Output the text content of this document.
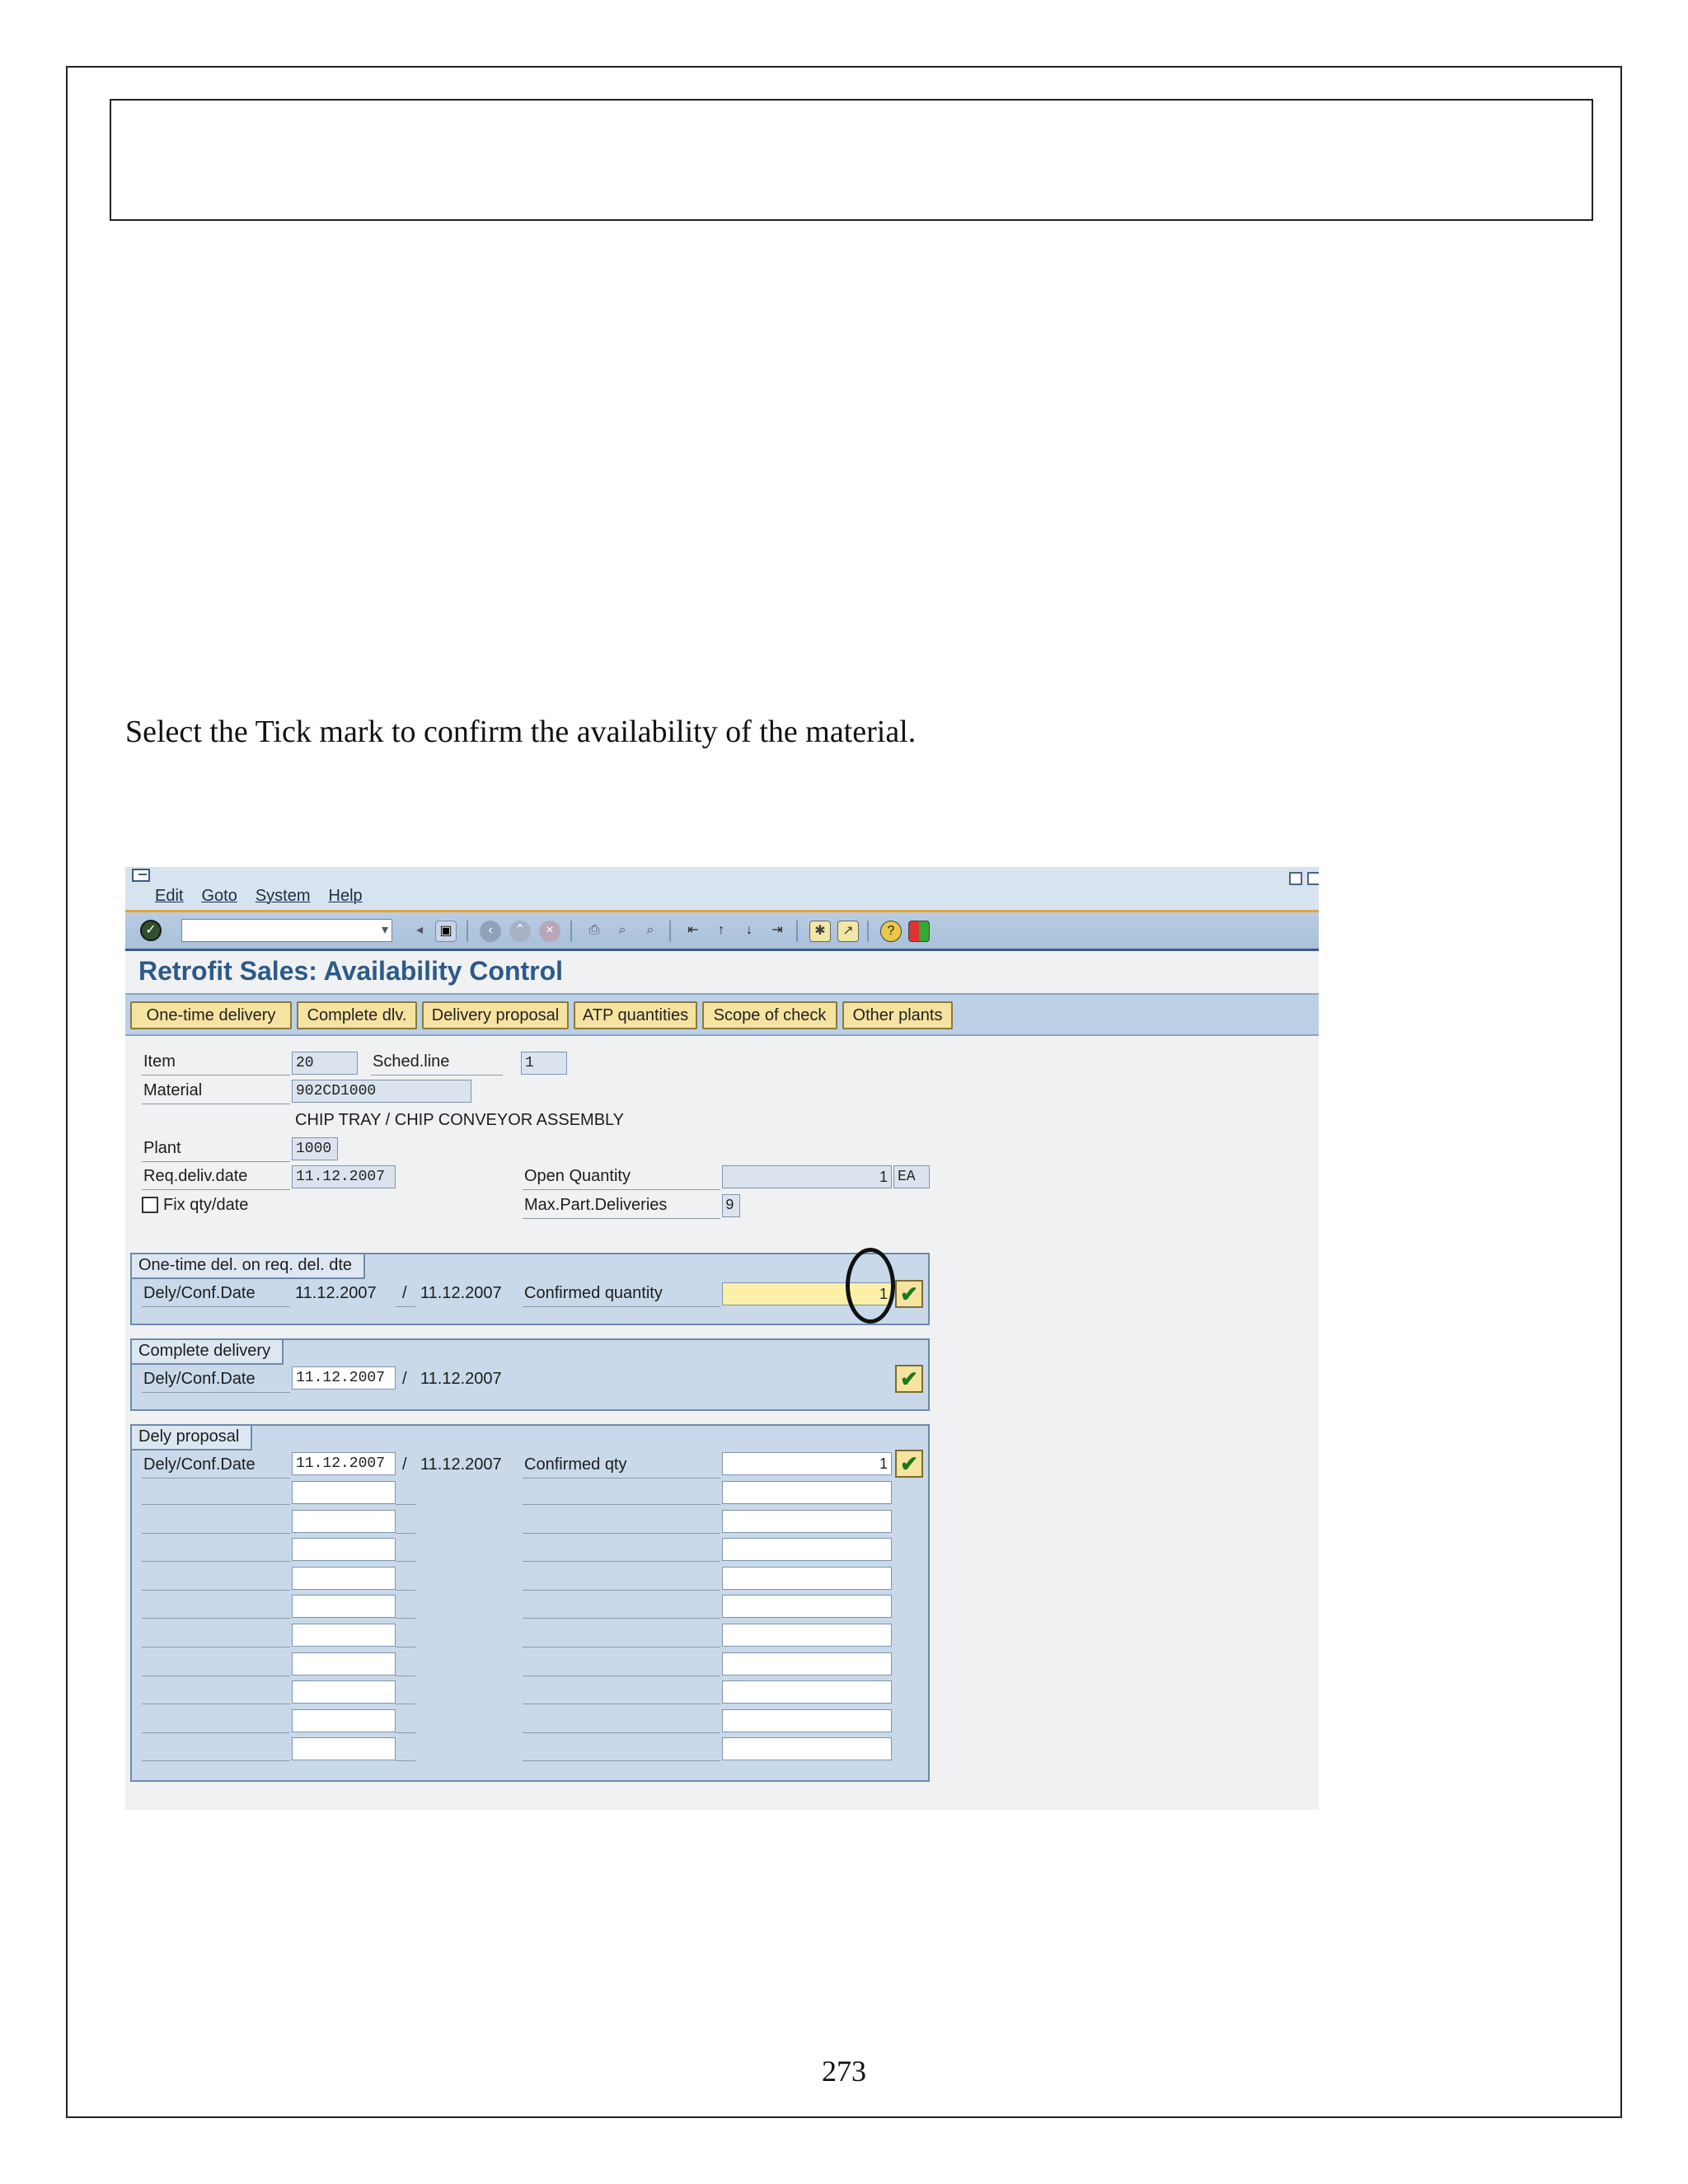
Select the Tick mark to confirm the availability of the material.
Edit Goto System Help
✓	▾	◂	▣	‹	⌃	×	⎙	⌕	⌕	⇤	↑	↓	⇥	✱	↗	?
Retrofit Sales: Availability Control
One-time delivery	Complete dlv.	Delivery proposal	ATP quantities	Scope of check	Other plants
Item	20	Sched.line	1
Material	902CD1000
CHIP TRAY / CHIP CONVEYOR ASSEMBLY
Plant	1000
Req.deliv.date	11.12.2007	Open Quantity	1 EA
Fix qty/date	Max.Part.Deliveries	9
One-time del. on req. del. dte
Dely/Conf.Date 11.12.2007 / 11.12.2007 Confirmed quantity	1 ✔
Complete delivery
Dely/Conf.Date	11.12.2007	/ 11.12.2007	✔
Dely proposal
Dely/Conf.Date	11.12.2007	/ 11.12.2007 Confirmed qty	1 ✔
273
